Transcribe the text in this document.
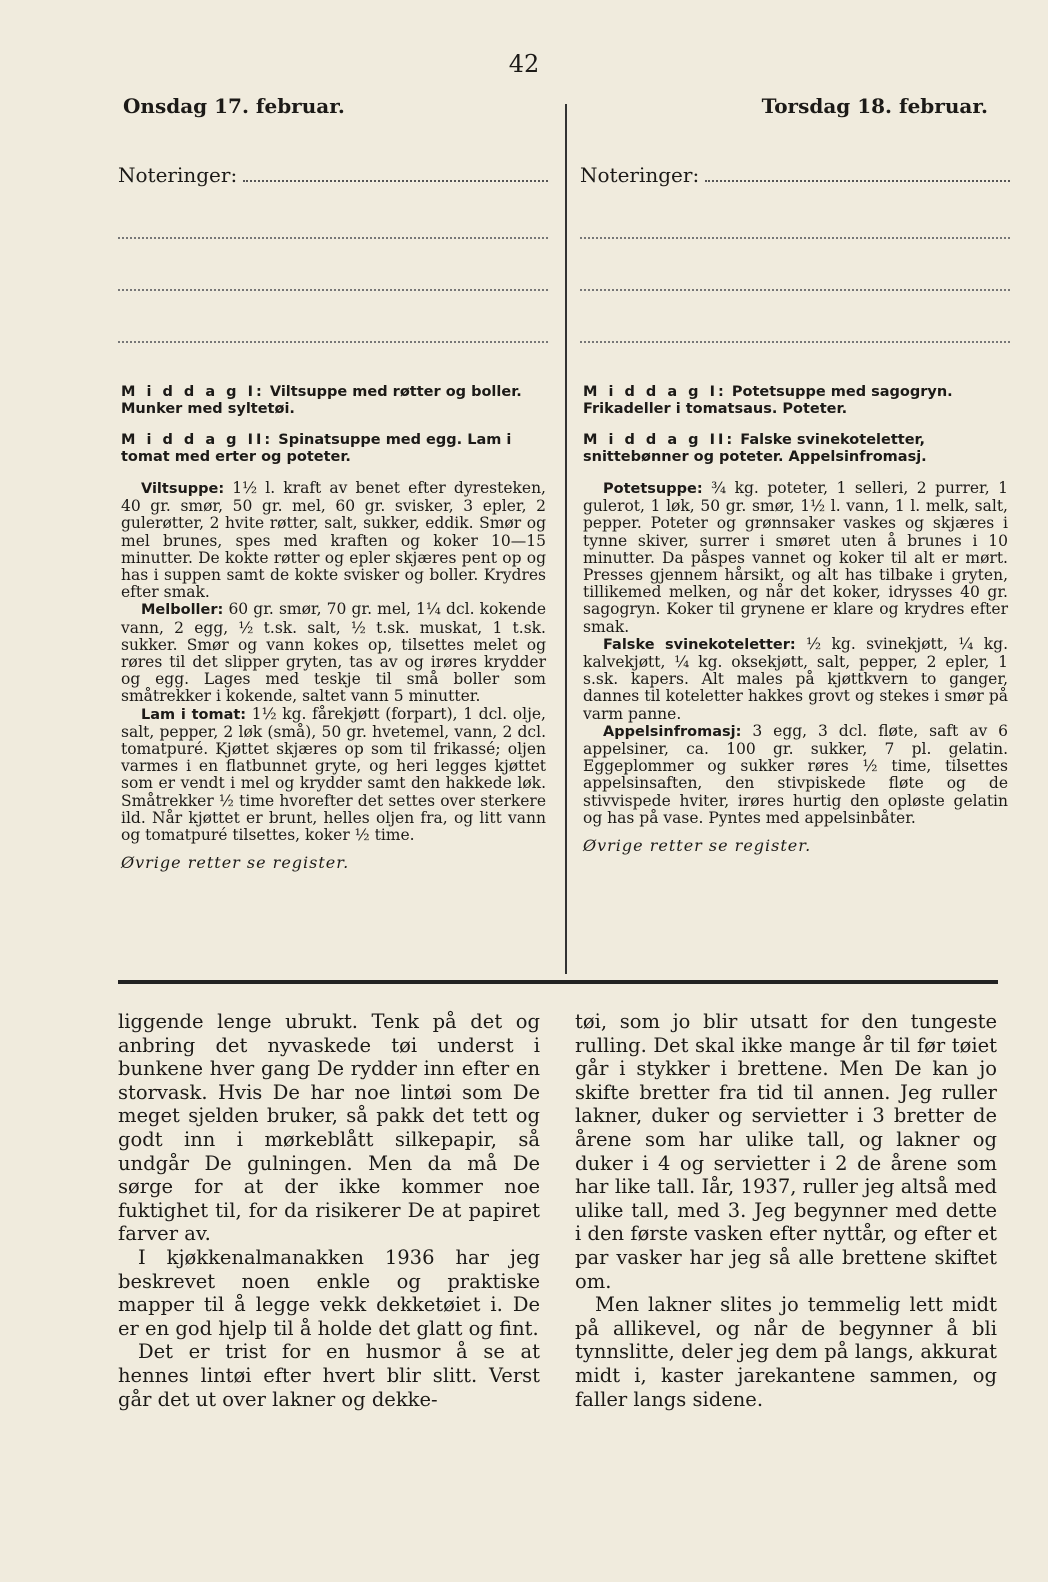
42
Onsdag 17. februar.	Torsdag 18. februar.
Noteringer:	Noteringer:
M i d d a g I: Viltsuppe med røtter og boller. Munker med syltetøi.
M i d d a g II: Spinatsuppe med egg. Lam i tomat med erter og poteter.

Viltsuppe: 1½ l. kraft av benet efter dyresteken, 40 gr. smør, 50 gr. mel, 60 gr. svisker, 3 epler, 2 gulerøtter, 2 hvite røtter, salt, sukker, eddik. Smør og mel brunes, spes med kraften og koker 10—15 minutter. De kokte røtter og epler skjæres pent op og has i suppen samt de kokte svisker og boller. Krydres efter smak.

Melboller: 60 gr. smør, 70 gr. mel, 1¼ dcl. kokende vann, 2 egg, ½ t.sk. salt, ½ t.sk. muskat, 1 t.sk. sukker. Smør og vann kokes op, tilsettes melet og røres til det slipper gryten, tas av og irøres krydder og egg. Lages med teskje til små boller som småtrekker i kokende, saltet vann 5 minutter.

Lam i tomat: 1½ kg. fårekjøtt (forpart), 1 dcl. olje, salt, pepper, 2 løk (små), 50 gr. hvetemel, vann, 2 dcl. tomatpuré. Kjøttet skjæres op som til frikassé; oljen varmes i en flatbunnet gryte, og heri legges kjøttet som er vendt i mel og krydder samt den hakkede løk. Småtrekker ½ time hvorefter det settes over sterkere ild. Når kjøttet er brunt, helles oljen fra, og litt vann og tomatpuré tilsettes, koker ½ time.

Øvrige retter se register.
M i d d a g I: Potetsuppe med sagogryn. Frikadeller i tomatsaus. Poteter.
M i d d a g II: Falske svinekoteletter, snittebønner og poteter. Appelsinfromasj.

Potetsuppe: ¾ kg. poteter, 1 selleri, 2 purrer, 1 gulerot, 1 løk, 50 gr. smør, 1½ l. vann, 1 l. melk, salt, pepper. Poteter og grønnsaker vaskes og skjæres i tynne skiver, surrer i smøret uten å brunes i 10 minutter. Da påspes vannet og koker til alt er mørt. Presses gjennem hårsikt, og alt has tilbake i gryten, tillikemed melken, og når det koker, idrysses 40 gr. sagogryn. Koker til grynene er klare og krydres efter smak.

Falske svinekoteletter: ½ kg. svinekjøtt, ¼ kg. kalvekjøtt, ¼ kg. oksekjøtt, salt, pepper, 2 epler, 1 s.sk. kapers. Alt males på kjøttkvern to ganger, dannes til koteletter hakkes grovt og stekes i smør på varm panne.

Appelsinfromasj: 3 egg, 3 dcl. fløte, saft av 6 appelsiner, ca. 100 gr. sukker, 7 pl. gelatin. Eggeplommer og sukker røres ½ time, tilsettes appelsinsaften, den stivpiskede fløte og de stivvispede hviter, irøres hurtig den opløste gelatin og has på vase. Pyntes med appelsinbåter.

Øvrige retter se register.

liggende lenge ubrukt. Tenk på det og anbring det nyvaskede tøi underst i bunkene hver gang De rydder inn efter en storvask. Hvis De har noe lintøi som De meget sjelden bruker, så pakk det tett og godt inn i mørkeblått silkepapir, så undgår De gulningen. Men da må De sørge for at der ikke kommer noe fuktighet til, for da risikerer De at papiret farver av.

I kjøkkenalmanakken 1936 har jeg beskrevet noen enkle og praktiske mapper til å legge vekk dekketøiet i. De er en god hjelp til å holde det glatt og fint.

Det er trist for en husmor å se at hennes lintøi efter hvert blir slitt. Verst går det ut over lakner og dekke-

tøi, som jo blir utsatt for den tungeste rulling. Det skal ikke mange år til før tøiet går i stykker i brettene. Men De kan jo skifte bretter fra tid til annen. Jeg ruller lakner, duker og servietter i 3 bretter de årene som har ulike tall, og lakner og duker i 4 og servietter i 2 de årene som har like tall. Iår, 1937, ruller jeg altså med ulike tall, med 3. Jeg begynner med dette i den første vasken efter nyttår, og efter et par vasker har jeg så alle brettene skiftet om.

Men lakner slites jo temmelig lett midt på allikevel, og når de begynner å bli tynnslitte, deler jeg dem på langs, akkurat midt i, kaster jarekantene sammen, og faller langs sidene.
